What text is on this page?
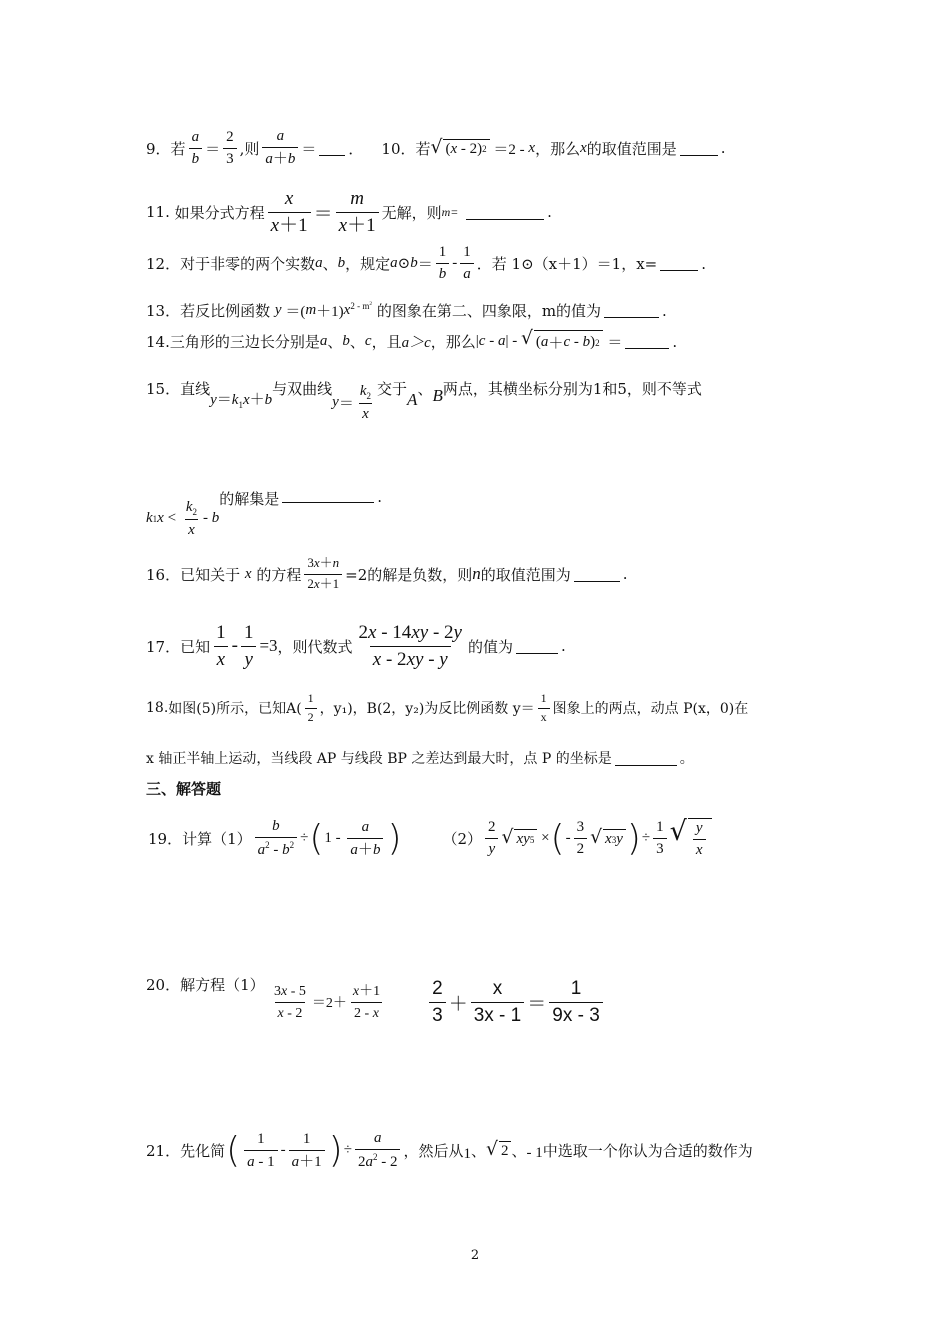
9． 若 $\frac{a}{b} = \frac{2}{3}$ ,则 $\frac{a}{a+b}$ ＝ ． 10． 若 √ ( x - 2) 2 ＝2 - x ，那么 x 的取值范围是	.
11.
如果分式方程 $\frac{x}{x+1} = \frac{m}{x+1}$ 无解，则 m=
	.
12． 对于非零的两个实数 a 、 b ，规定 a ⊙ $b = \frac{1}{b} - \frac{1}{a}$ ．若
1⊙（x＋1）＝1，x=	.
13． 若反比例函数
y ＝( m ＋1) $x^{2 - m^2}$
的图象在第二、四象限，m的值为	.
14. 三角形的三边长分别是 a 、 b 、 c ，且 a＞c ，那么 | c - a | - √ ( a ＋ c - b ) 2
＝	.
15． 直线
$y=k_1x+b$
与双曲线
$y = \frac{k_2}{x}$ 交于
A
、 B 两点，其横坐标分别为1和5，则不等式
k 1 $x < \frac{k_2}{x} - b$
的解集是	.
16． 已知关于
x
的方程 $\frac{3x+n}{2x+1} =2$的解是负数，则 n 的取值范围为	.
17． 已知 $\frac{1}{x} - \frac{1}{y} =3$ ，则代数式 $\frac{2x - 14xy - 2y}{x - 2xy - y}$ 的值为	.
18. 如图(5)所示，已知$A( \frac{1}{2}$ ，y₁)，B(2，y₂)为反比例函数 $y= \frac{1}{x}$ 图象上的两点，动点 P(x，0)在
x 轴正半轴上运动，当线段 AP 与线段 BP 之差达到最大时，点 P 的坐标是	。
三、解答题
19． 计算$(1) \frac{b}{a^2 - b^2}$ ÷ ( $1 - \frac{a}{a+b}$ )	$(2) \frac{2}{y}$ √ xy 5 × ( - $\frac{3}{2}$ √ x 3 y ) ÷ $\frac{1}{3}$ √ $\frac{y}{x}$
20． 解方程$(1) \frac{3x - 5}{x - 2} =2+ \frac{x+1}{2 - x} \frac{2}{3} + \frac{x}{3x - 1} = \frac{1}{9x - 3}$
21． 先化简 ( $\frac{1}{a - 1} - \frac{1}{a+1}$ ) ÷ $\frac{a}{2a^2 - 2}$ ，然后从 1 、 √ 2 、 - 1 中选取一个你认为合适的数作为
2
